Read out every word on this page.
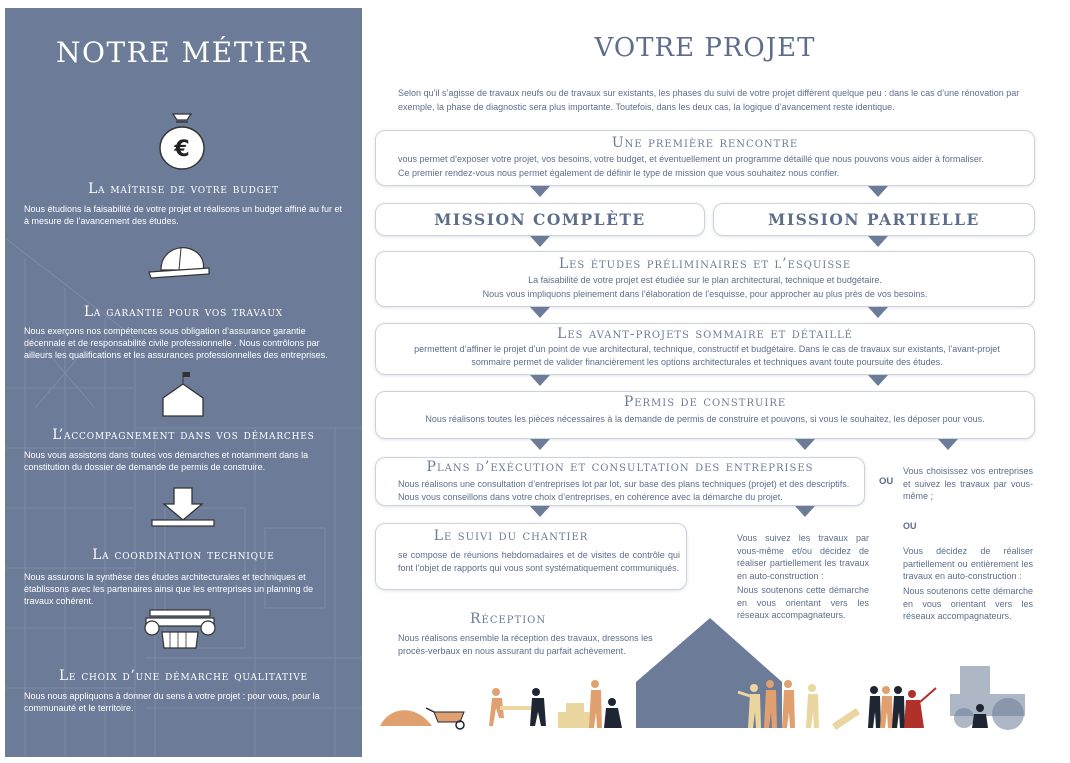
NOTRE MÉTIER
€
La maîtrise de votre budget
Nous étudions la faisabilité de votre projet et réalisons un budget affiné au fur et à mesure de l’avancement des études.
La garantie pour vos travaux
Nous exerçons nos compétences sous obligation d’assurance garantie décennale et de responsabilité civile professionnelle . Nous contrôlons par ailleurs les qualifications et les assurances professionnelles des entreprises.
L’accompagnement dans vos démarches
Nous vous assistons dans toutes vos démarches et notamment dans la constitution du dossier de demande de permis de construire.
La coordination technique
Nous assurons la synthèse des études architecturales et techniques et établissons avec les partenaires ainsi que les entreprises un planning de travaux cohérent.
Le choix d’une démarche qualitative
Nous nous appliquons à donner du sens à votre projet : pour vous, pour la communauté et le territoire.
VOTRE PROJET
Selon qu’il s’agisse de travaux neufs ou de travaux sur existants, les phases du suivi de votre projet diffèrent quelque peu : dans le cas d’une rénovation par exemple, la phase de diagnostic sera plus importante. Toutefois, dans les deux cas, la logique d’avancement reste identique.
Une première rencontre
vous permet d’exposer votre projet, vos besoins, votre budget, et éventuellement un programme détaillé que nous pouvons vous aider à formaliser.
Ce premier rendez-vous nous permet également de définir le type de mission que vous souhaitez nous confier.
MISSION COMPLÈTE	MISSION PARTIELLE
Les études préliminaires et l’esquisse
La faisabilité de votre projet est étudiée sur le plan architectural, technique et budgétaire.
Nous vous impliquons pleinement dans l’élaboration de l’esquisse, pour approcher au plus près de vos besoins.
Les avant-projets sommaire et détaillé
permettent d’affiner le projet d’un point de vue architectural, technique, constructif et budgétaire. Dans le cas de travaux sur existants, l’avant-projet sommaire permet de valider financièrement les options architecturales et techniques avant toute poursuite des études.
Permis de construire
Nous réalisons toutes les pièces nécessaires à la demande de permis de construire et pouvons, si vous le souhaitez, les déposer pour vous.
Plans d’exécution et consultation des entreprises
Nous réalisons une consultation d’entreprises lot par lot, sur base des plans techniques (projet) et des descriptifs. Nous vous conseillons dans votre choix d’entreprises, en cohérence avec la démarche du projet.
OU
Vous choisissez vos entreprises et suivez les travaux par vous-même ;
Le suivi du chantier
se compose de réunions hebdomadaires et de visites de contrôle qui font l’objet de rapports qui vous sont systématiquement communiqués.
Vous suivez les travaux par vous-même et/ou décidez de réaliser partiellement les travaux en auto-construction :
Nous soutenons cette démarche en vous orientant vers les réseaux accompagnateurs.
OU
Vous décidez de réaliser partiellement ou entièrement les travaux en auto-construction :
Nous soutenons cette démarche en vous orientant vers les réseaux accompagnateurs.
Réception
Nous réalisons ensemble la réception des travaux, dressons les procès-verbaux en nous assurant du parfait achèvement.
